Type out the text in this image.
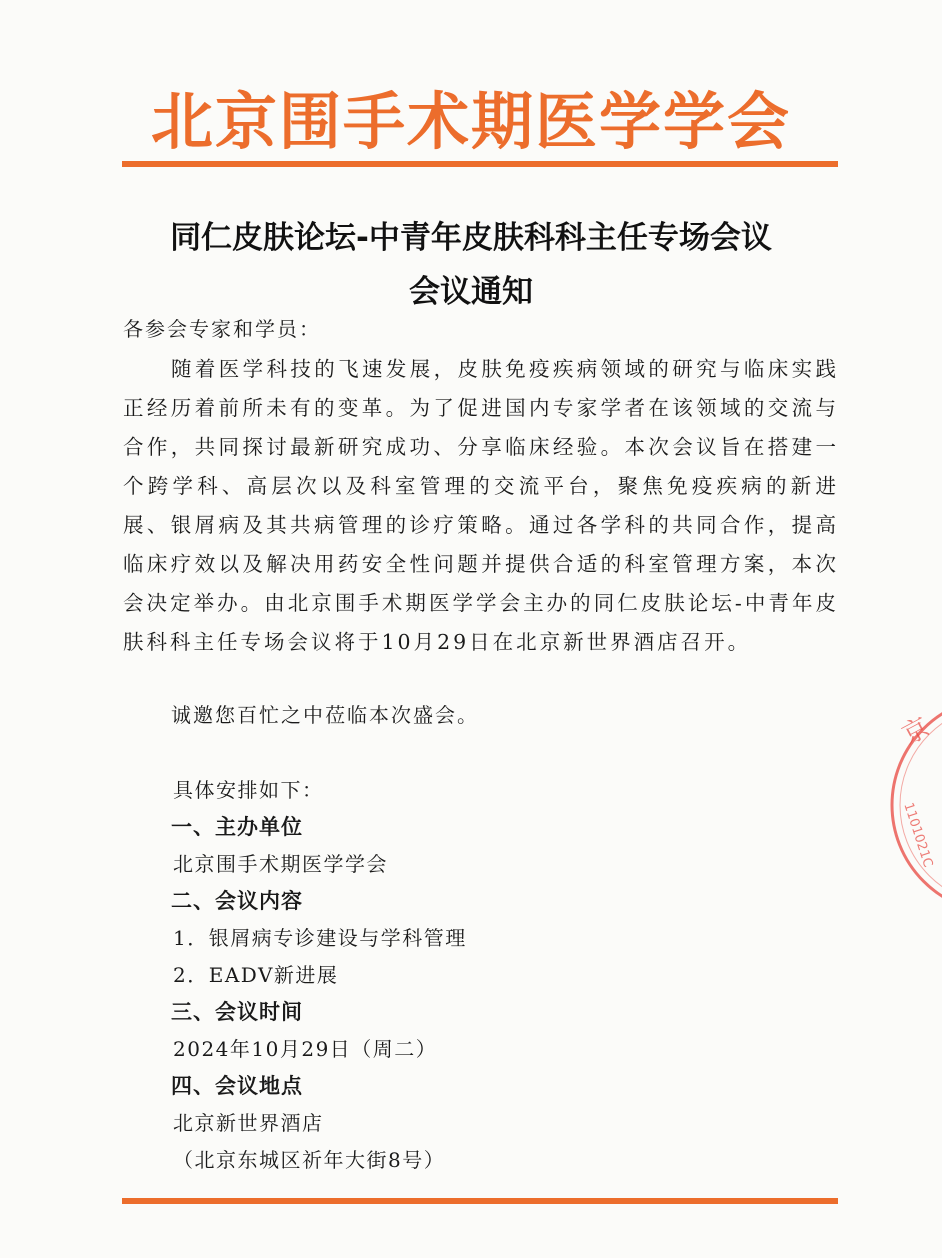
北京围手术期医学学会
同仁皮肤论坛-中青年皮肤科科主任专场会议
会议通知

各参会专家和学员：

随着医学科技的飞速发展，皮肤免疫疾病领域的研究与临床实践正经历着前所未有的变革。为了促进国内专家学者在该领域的交流与合作，共同探讨最新研究成功、分享临床经验。本次会议旨在搭建一个跨学科、高层次以及科室管理的交流平台，聚焦免疫疾病的新进展、银屑病及其共病管理的诊疗策略。通过各学科的共同合作，提高临床疗效以及解决用药安全性问题并提供合适的科室管理方案，本次会决定举办。由北京围手术期医学学会主办的同仁皮肤论坛-中青年皮肤科科主任专场会议将于10月29日在北京新世界酒店召开。

诚邀您百忙之中莅临本次盛会。

具体安排如下：
一、主办单位
北京围手术期医学学会
二、会议内容
1．银屑病专诊建设与学科管理
2．EADV新进展
三、会议时间
2024年10月29日（周二）
四、会议地点
北京新世界酒店
（北京东城区祈年大街8号）
京
1101021C
